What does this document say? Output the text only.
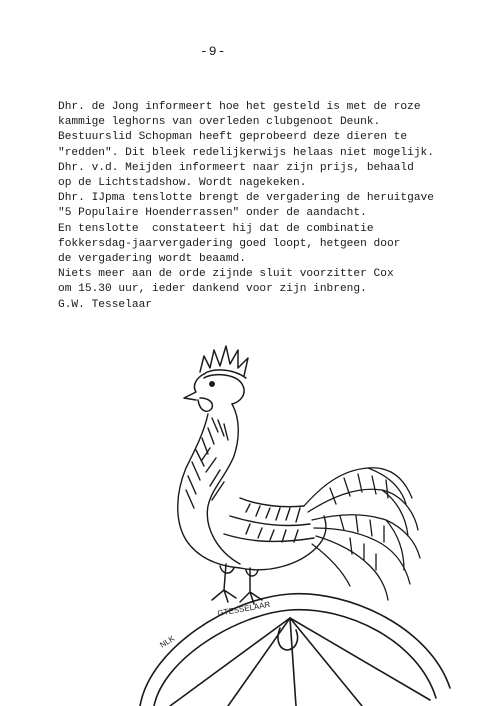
-9-
Dhr. de Jong informeert hoe het gesteld is met de roze
kammige leghorns van overleden clubgenoot Deunk.
Bestuurslid Schopman heeft geprobeerd deze dieren te
"redden". Dit bleek redelijkerwijs helaas niet mogelijk.
Dhr. v.d. Meijden informeert naar zijn prijs, behaald
op de Lichtstadshow. Wordt nagekeken.
Dhr. IJpma tenslotte brengt de vergadering de heruitgave
"5 Populaire Hoenderrassen" onder de aandacht.
En tenslotte  constateert hij dat de combinatie
fokkersdag-jaarvergadering goed loopt, hetgeen door
de vergadering wordt beaamd.
Niets meer aan de orde zijnde sluit voorzitter Cox
om 15.30 uur, ieder dankend voor zijn inbreng.
G.W. Tesselaar
NLK
GTESSELAAR
